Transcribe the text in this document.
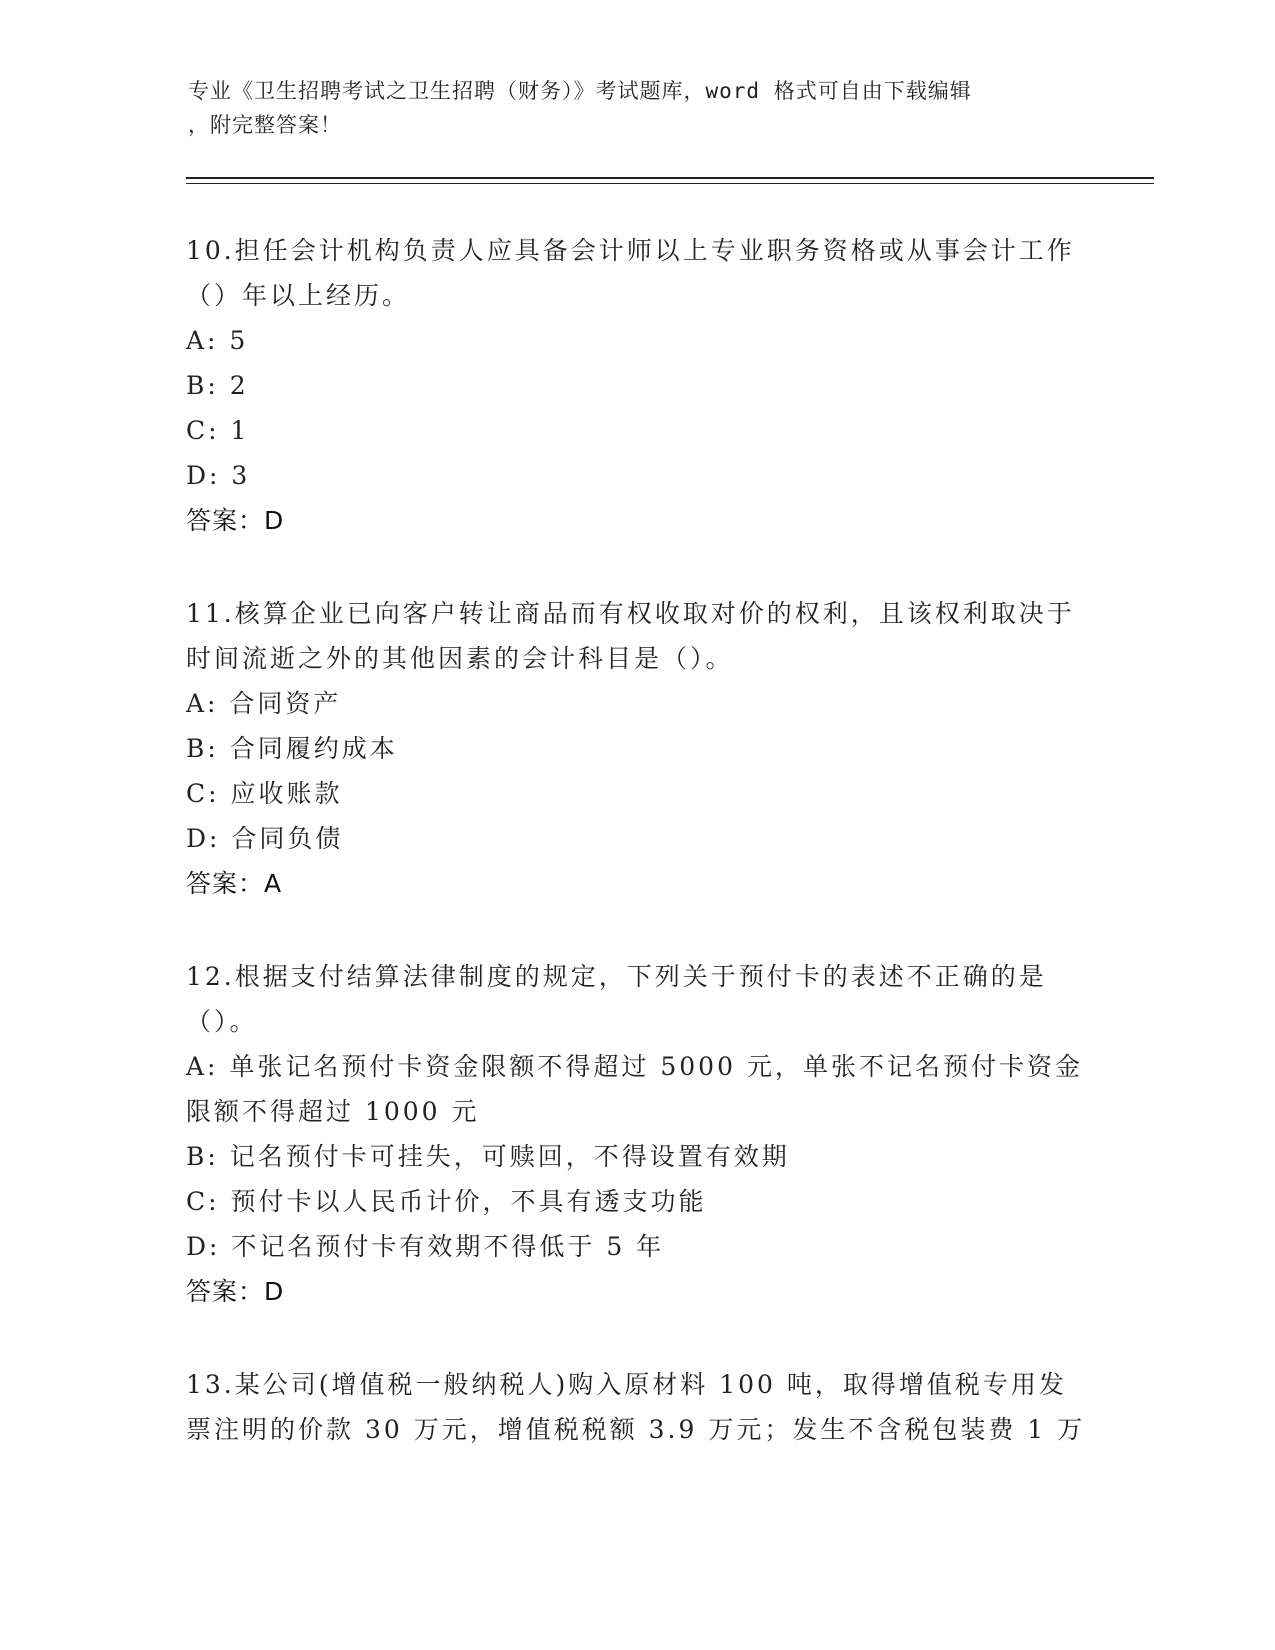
专业《卫生招聘考试之卫生招聘（财务）》考试题库，word 格式可自由下载编辑
，附完整答案！
10.担任会计机构负责人应具备会计师以上专业职务资格或从事会计工作（）年以上经历。
A: 5
B: 2
C: 1
D: 3
答案：D
11.核算企业已向客户转让商品而有权收取对价的权利，且该权利取决于时间流逝之外的其他因素的会计科目是（）。
A: 合同资产
B: 合同履约成本
C: 应收账款
D: 合同负债
答案：A
12.根据支付结算法律制度的规定，下列关于预付卡的表述不正确的是（）。
A: 单张记名预付卡资金限额不得超过 5000 元，单张不记名预付卡资金限额不得超过 1000 元
B: 记名预付卡可挂失，可赎回，不得设置有效期
C: 预付卡以人民币计价，不具有透支功能
D: 不记名预付卡有效期不得低于 5 年
答案：D
13.某公司(增值税一般纳税人)购入原材料 100 吨，取得增值税专用发票注明的价款 30 万元，增值税税额 3.9 万元；发生不含税包装费 1 万
